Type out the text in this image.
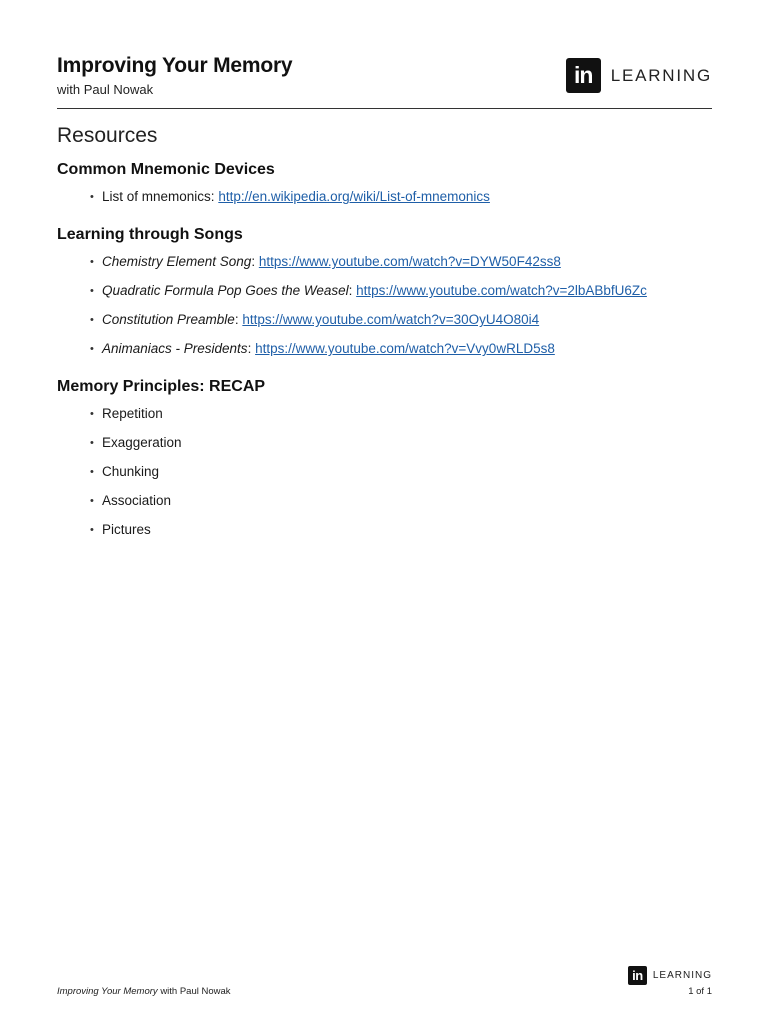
Improving Your Memory
with Paul Nowak
in	LEARNING
Resources
Common Mnemonic Devices
• List of mnemonics: http://en.wikipedia.org/wiki/List-of-mnemonics
Learning through Songs
• Chemistry Element Song: https://www.youtube.com/watch?v=DYW50F42ss8
• Quadratic Formula Pop Goes the Weasel: https://www.youtube.com/watch?v=2lbABbfU6Zc
• Constitution Preamble: https://www.youtube.com/watch?v=30OyU4O80i4
• Animaniacs - Presidents: https://www.youtube.com/watch?v=Vvy0wRLD5s8
Memory Principles: RECAP
• Repetition
• Exaggeration
• Chunking
• Association
• Pictures
Improving Your Memory with Paul Nowak
in	LEARNING
1 of 1
